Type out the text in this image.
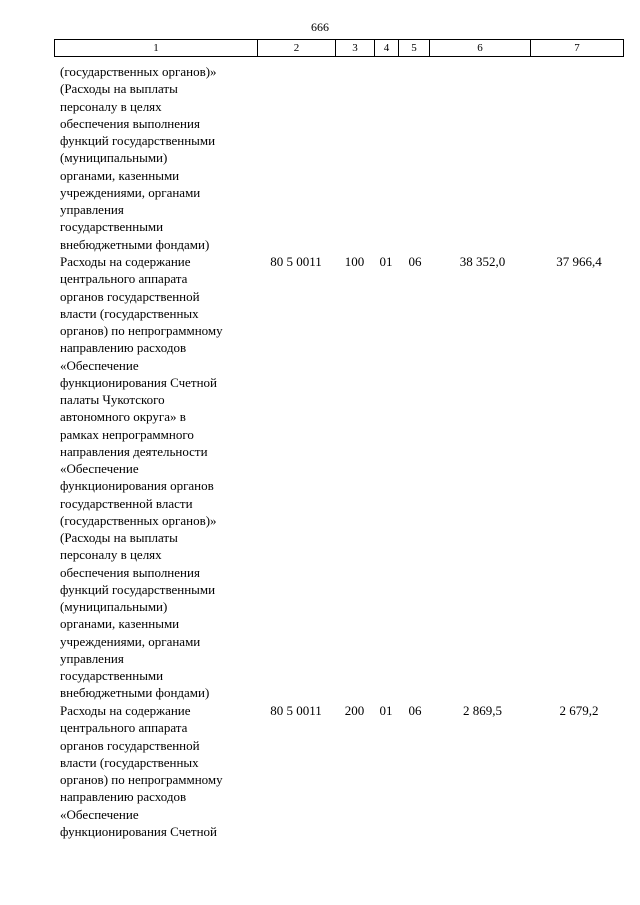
666
1	2	3	4	5	6	7
(государственных органов)»
(Расходы на выплаты
персоналу в целях
обеспечения выполнения
функций государственными
(муниципальными)
органами, казенными
учреждениями, органами
управления
государственными
внебюджетными фондами)
Расходы на содержание
центрального аппарата
органов государственной
власти (государственных
органов) по непрограммному
направлению расходов
«Обеспечение
функционирования Счетной
палаты Чукотского
автономного округа» в
рамках непрограммного
направления деятельности
«Обеспечение
функционирования органов
государственной власти
(государственных органов)»
(Расходы на выплаты
персоналу в целях
обеспечения выполнения
функций государственными
(муниципальными)
органами, казенными
учреждениями, органами
управления
государственными
внебюджетными фондами)
80 5 0011	100	01	06	38 352,0	37 966,4
Расходы на содержание
центрального аппарата
органов государственной
власти (государственных
органов) по непрограммному
направлению расходов
«Обеспечение
функционирования Счетной
80 5 0011	200	01	06	2 869,5	2 679,2
